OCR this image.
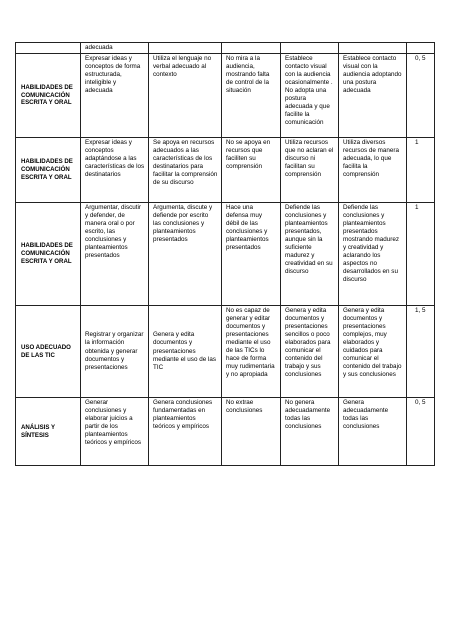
	adecuada					
HABILIDADES DE COMUNICACIÓN ESCRITA Y ORAL	Expresar ideas y conceptos de forma estructurada, inteligible y adecuada	Utiliza el lenguaje no verbal adecuado al contexto	No mira a la audiencia, mostrando falta de control de la situación	Establece contacto visual con la audiencia ocasionalmente . No adopta una postura adecuada y que facilite la comunicación	Establece contacto visual con la audiencia adoptando una postura adecuada	0, 5
HABILIDADES DE COMUNICACIÓN ESCRITA Y ORAL	Expresar ideas y conceptos adaptándose a las características de los destinatarios	Se apoya en recursos adecuados a las características de los destinatarios para facilitar la comprensión de su discurso	No se apoya en recursos que faciliten su comprensión	Utiliza recursos que no aclaran el discurso ni facilitan su comprensión	Utiliza diversos recursos de manera adecuada, lo que facilita la comprensión	1
HABILIDADES DE COMUNICACIÓN ESCRITA Y ORAL	Argumentar, discutir y defender, de manera oral o por escrito, las conclusiones y planteamientos presentados	Argumenta, discute y defiende por escrito las conclusiones y planteamientos presentados	Hace una defensa muy débil de las conclusiones y planteamientos presentados	Defiende las conclusiones y planteamientos presentados, aunque sin la suficiente madurez y creatividad en su discurso	Defiende las conclusiones y planteamientos presentados mostrando madurez y creatividad y aclarando los aspectos no desarrollados en su discurso	1
USO ADECUADO DE LAS TIC	Registrar y organizar la información obtenida y generar documentos y presentaciones	Genera y edita documentos y presentaciones mediante el uso de las TIC	No es capaz de generar y editar documentos y presentaciones mediante el uso de las TICs lo hace de forma muy rudimentaria y no apropiada	Genera y edita documentos y presentaciones sencillos o poco elaborados para comunicar el contenido del trabajo y sus conclusiones	Genera y edita documentos y presentaciones complejos, muy elaborados y cuidados para comunicar el contenido del trabajo y sus conclusiones	1, 5
ANÁLISIS Y SÍNTESIS	Generar conclusiones y elaborar juicios a partir de los planteamientos teóricos y empíricos	Genera conclusiones fundamentadas en planteamientos teóricos y empíricos	No extrae conclusiones	No genera adecuadamente todas las conclusiones	Genera adecuadamente todas las conclusiones	0, 5
